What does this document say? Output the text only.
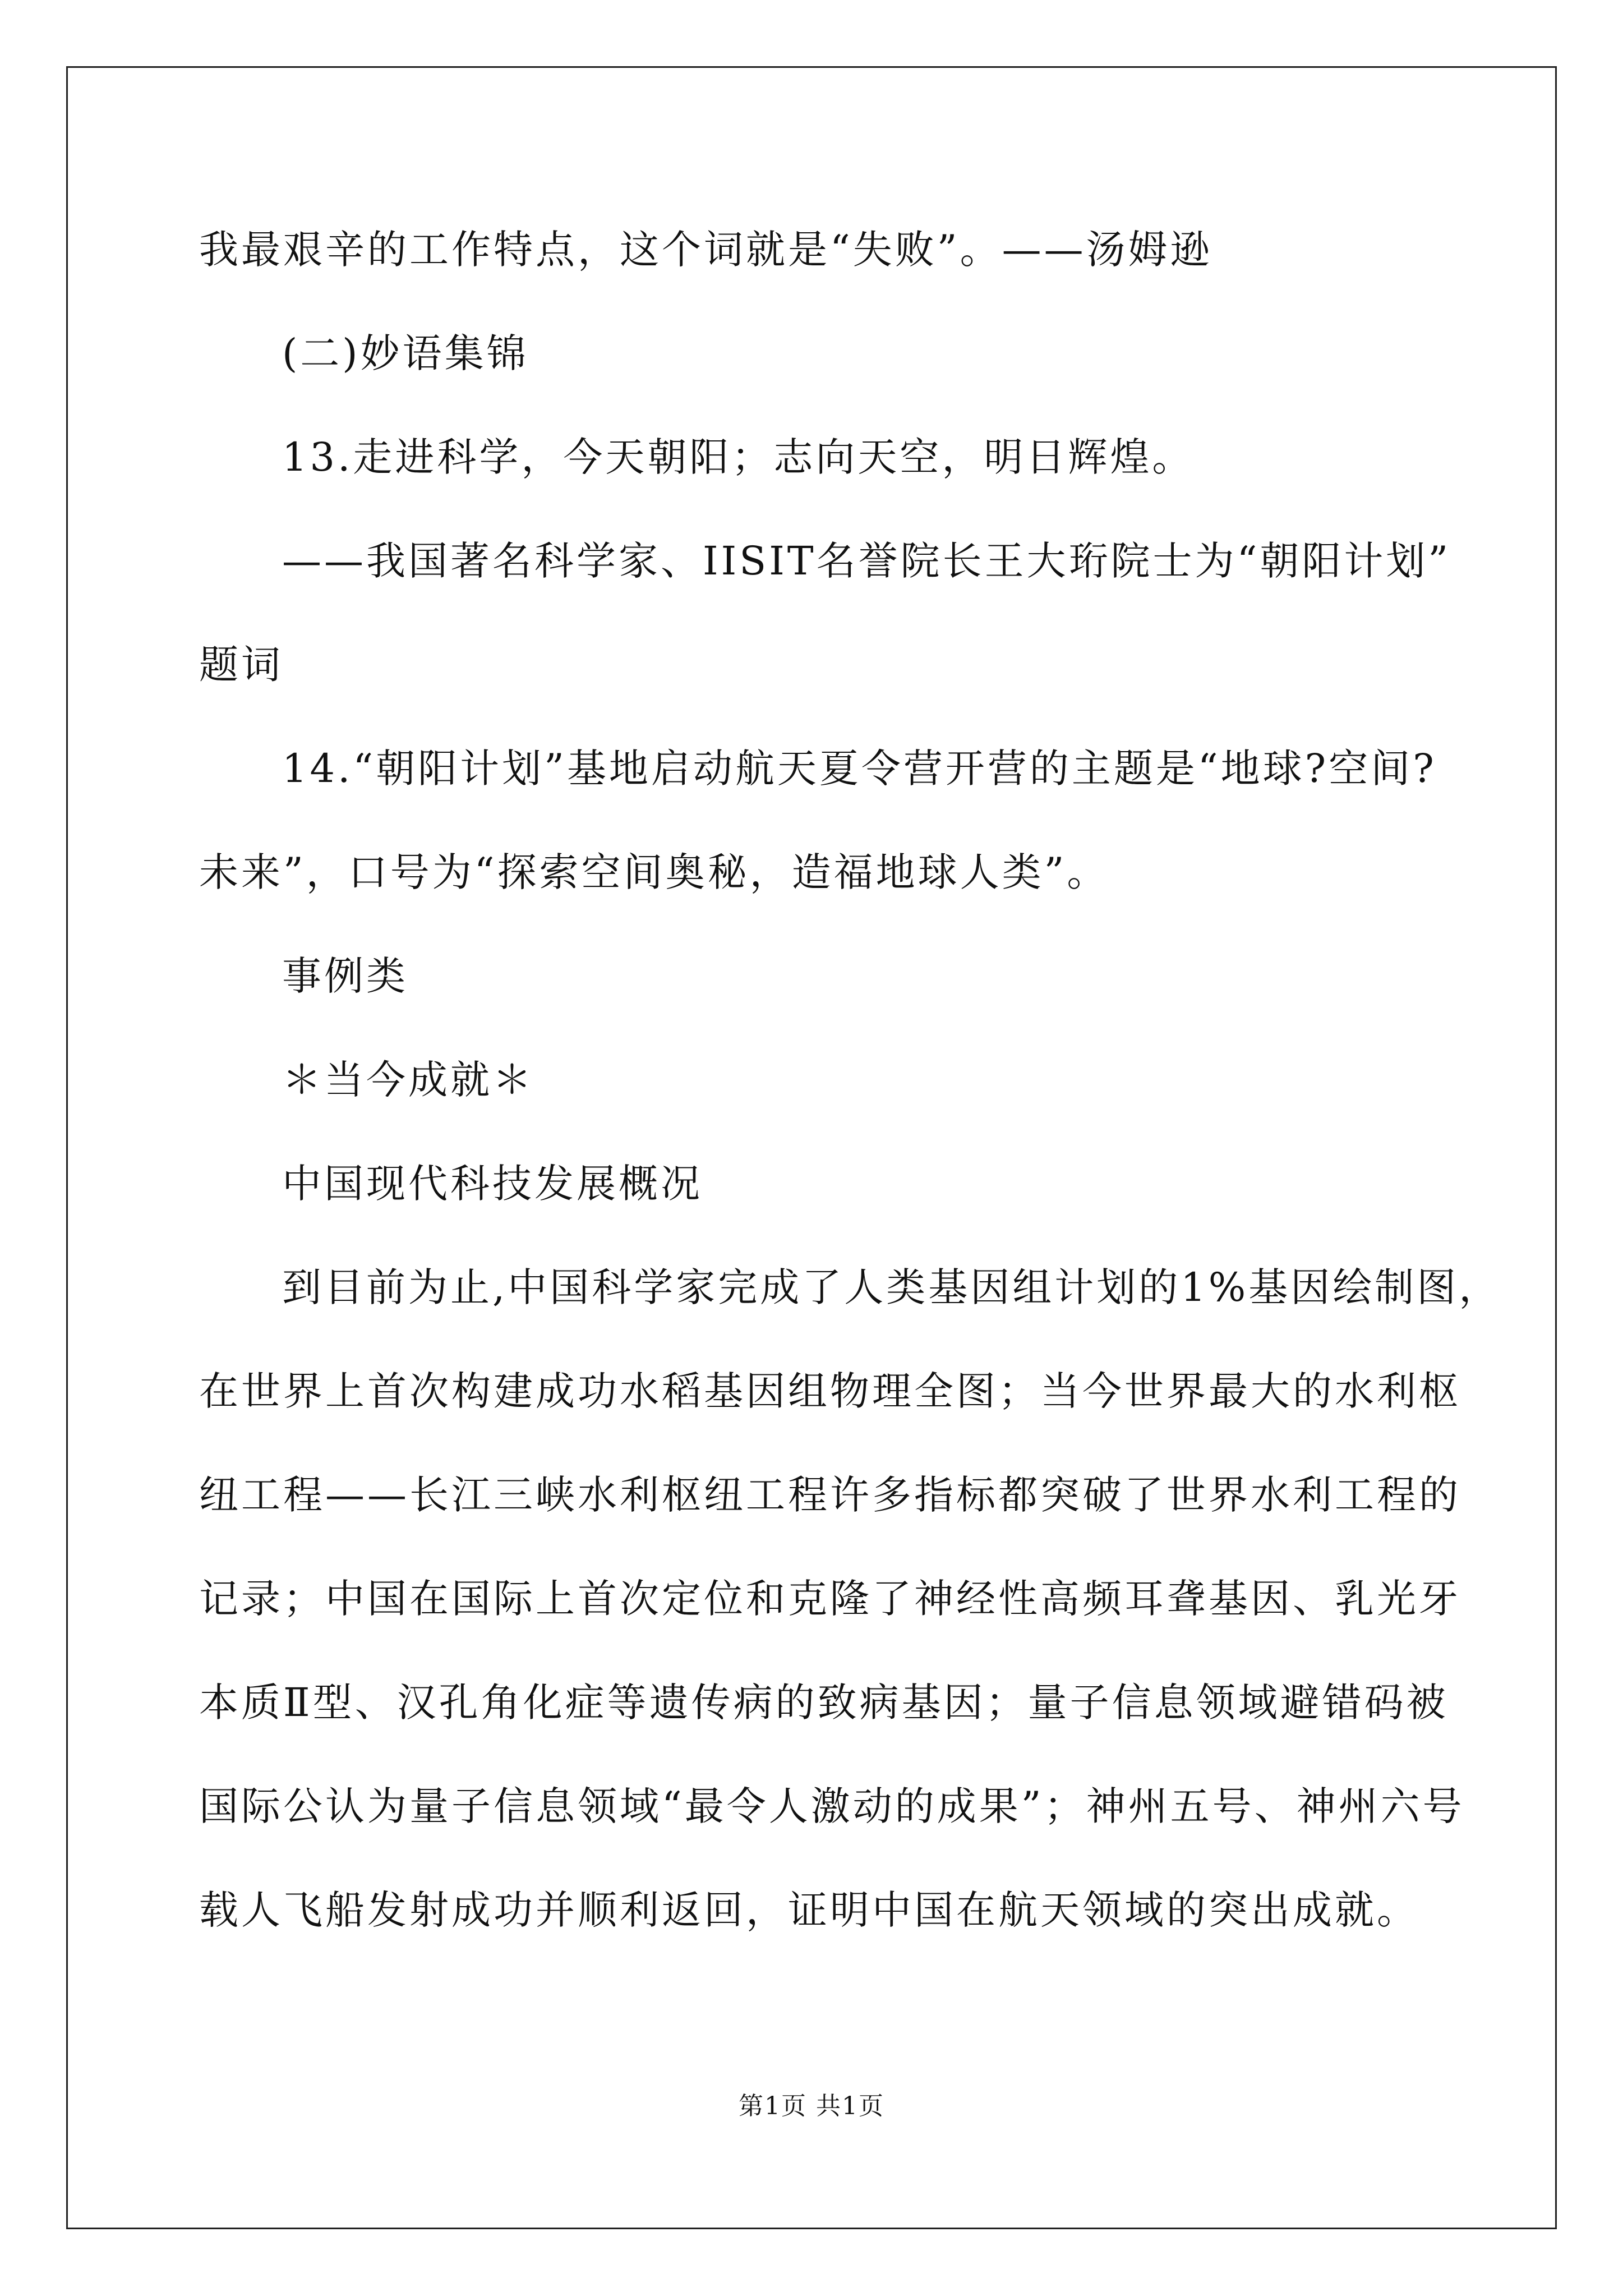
我最艰辛的工作特点，这个词就是“失败”。——汤姆逊
(二)妙语集锦
13.走进科学，今天朝阳；志向天空，明日辉煌。
——我国著名科学家、IISIT名誉院长王大珩院士为“朝阳计划”
题词
14.“朝阳计划”基地启动航天夏令营开营的主题是“地球?空间?
未来”，口号为“探索空间奥秘，造福地球人类”。
事例类
＊当今成就＊
中国现代科技发展概况
到目前为止,中国科学家完成了人类基因组计划的1%基因绘制图，
在世界上首次构建成功水稻基因组物理全图；当今世界最大的水利枢
纽工程——长江三峡水利枢纽工程许多指标都突破了世界水利工程的
记录；中国在国际上首次定位和克隆了神经性高频耳聋基因、乳光牙
本质Ⅱ型、汉孔角化症等遗传病的致病基因；量子信息领域避错码被
国际公认为量子信息领域“最令人激动的成果”；神州五号、神州六号
载人飞船发射成功并顺利返回，证明中国在航天领域的突出成就。
第1页 共1页
